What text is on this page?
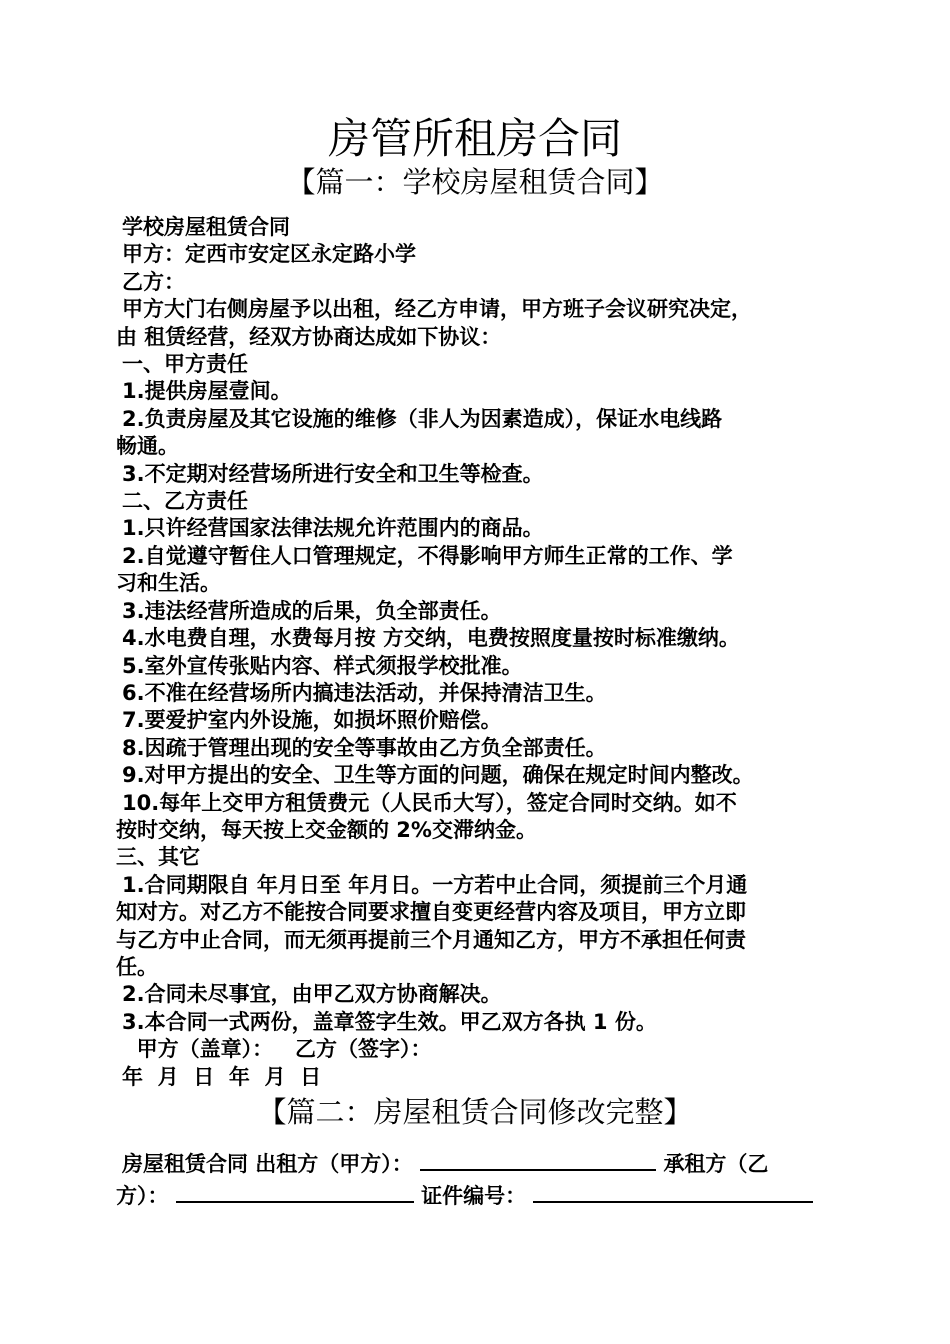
房管所租房合同
【篇一：学校房屋租赁合同】

学校房屋租赁合同

甲方：定西市安定区永定路小学

乙方：

甲方大门右侧房屋予以出租，经乙方申请，甲方班子会议研究决定，

由 租赁经营，经双方协商达成如下协议：

一、甲方责任

1.提供房屋壹间。

2.负责房屋及其它设施的维修（非人为因素造成），保证水电线路

畅通。

3.不定期对经营场所进行安全和卫生等检查。

二、乙方责任

1.只许经营国家法律法规允许范围内的商品。

2.自觉遵守暂住人口管理规定，不得影响甲方师生正常的工作、学

习和生活。

3.违法经营所造成的后果，负全部责任。

4.水电费自理，水费每月按 方交纳，电费按照度量按时标准缴纳。

5.室外宣传张贴内容、样式须报学校批准。

6.不准在经营场所内搞违法活动，并保持清洁卫生。

7.要爱护室内外设施，如损坏照价赔偿。

8.因疏于管理出现的安全等事故由乙方负全部责任。

9.对甲方提出的安全、卫生等方面的问题，确保在规定时间内整改。

10.每年上交甲方租赁费元（人民币大写），签定合同时交纳。如不

按时交纳，每天按上交金额的 2%交滞纳金。

三、其它

1.合同期限自 年月日至 年月日。一方若中止合同，须提前三个月通

知对方。对乙方不能按合同要求擅自变更经营内容及项目，甲方立即

与乙方中止合同，而无须再提前三个月通知乙方，甲方不承担任何责

任。

2.合同未尽事宜，由甲乙双方协商解决。

3.本合同一式两份，盖章签字生效。甲乙双方各执 1 份。

甲方（盖章）：   乙方（签字）：

年  月  日  年  月  日

【篇二：房屋租赁合同修改完整】

房屋租赁合同 出租方（甲方）：	承租方（乙

方）：	证件编号：
